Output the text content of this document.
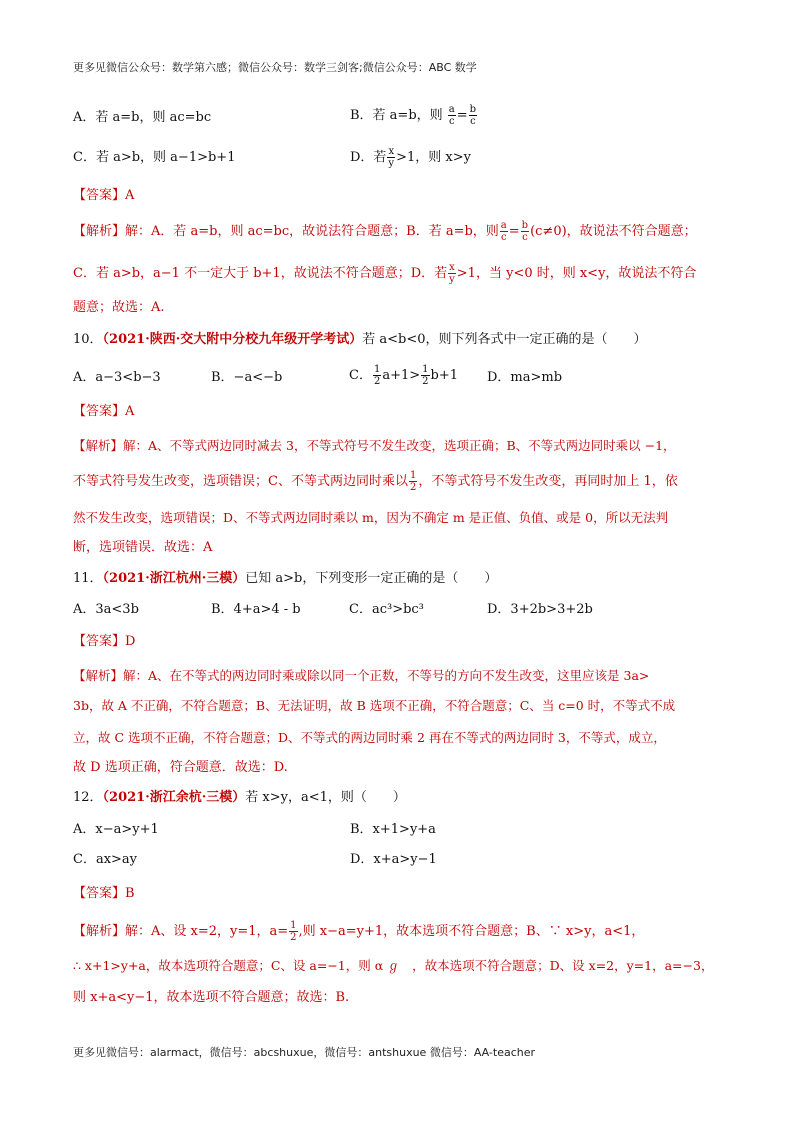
更多见微信公众号：数学第六感；微信公众号：数学三剑客;微信公众号：ABC 数学
A．若 a=b，则 ac=bc	B．若 a=b，则 $\frac{a}{c} = \frac{b}{c}$
C．若 a>b，则 a−1>b+1	D．若 $\frac{x}{y} >1$，则 x>y
【答案】A
【解析】解：A．若 a=b，则 ac=bc，故说法符合题意；B．若 a=b，则 $\frac{a}{c} = \frac{b}{c} (c\ne 0)$，故说法不符合题意；
C．若 a>b，a−1 不一定大于 b+1，故说法不符合题意；D．若 $\frac{x}{y} >1$，当 y<0 时，则 x<y，故说法不符合
题意；故选：A.
10．（2021·陕西·交大附中分校九年级开学考试）若 a<b<0，则下列各式中一定正确的是（　　）
A．a−3<b−3	B．−a<−b	C． $\frac{1}{2} a+1> \frac{1}{2} b+1$ D．ma>mb
【答案】A
【解析】解：A、不等式两边同时减去 3，不等式符号不发生改变，选项正确；B、不等式两边同时乘以 −1，
不等式符号发生改变，选项错误；C、不等式两边同时乘以 $\frac{1}{2}$ ，不等式符号不发生改变，再同时加上 1，依
然不发生改变，选项错误；D、不等式两边同时乘以 m，因为不确定 m 是正值、负值、或是 0，所以无法判
断，选项错误．故选：A
11．（2021·浙江杭州·三模）已知 a>b，下列变形一定正确的是（　　）
A．3a<3b	B．4+a>4 - b	C．ac³>bc³	D．3+2b>3+2b
【答案】D
【解析】解：A、在不等式的两边同时乘或除以同一个正数，不等号的方向不发生改变，这里应该是 3a>
3b，故 A 不正确，不符合题意；B、无法证明，故 B 选项不正确，不符合题意；C、当 c=0 时，不等式不成
立，故 C 选项不正确，不符合题意；D、不等式的两边同时乘 2 再在不等式的两边同时 3，不等式，成立，
故 D 选项正确，符合题意．故选：D.
12．（2021·浙江余杭·三模）若 x>y，a<1，则（　　）
A．x−a>y+1	B．x+1>y+a
C．ax>ay	D．x+a>y−1
【答案】B
【解析】解：A、设 x=2，y=1，$a= \frac{1}{2}$ ,则 x−a=y+1，故本选项不符合题意；B、∵ x>y，a<1，
∴ x+1>y+a，故本选项符合题意；C、设 a=−1，则 α ℊ　，故本选项不符合题意；D、设 x=2，y=1，a=−3，
则 x+a<y−1，故本选项不符合题意；故选：B.
更多见微信号：alarmact，微信号：abcshuxue，微信号：antshuxue 微信号：AA-teacher
